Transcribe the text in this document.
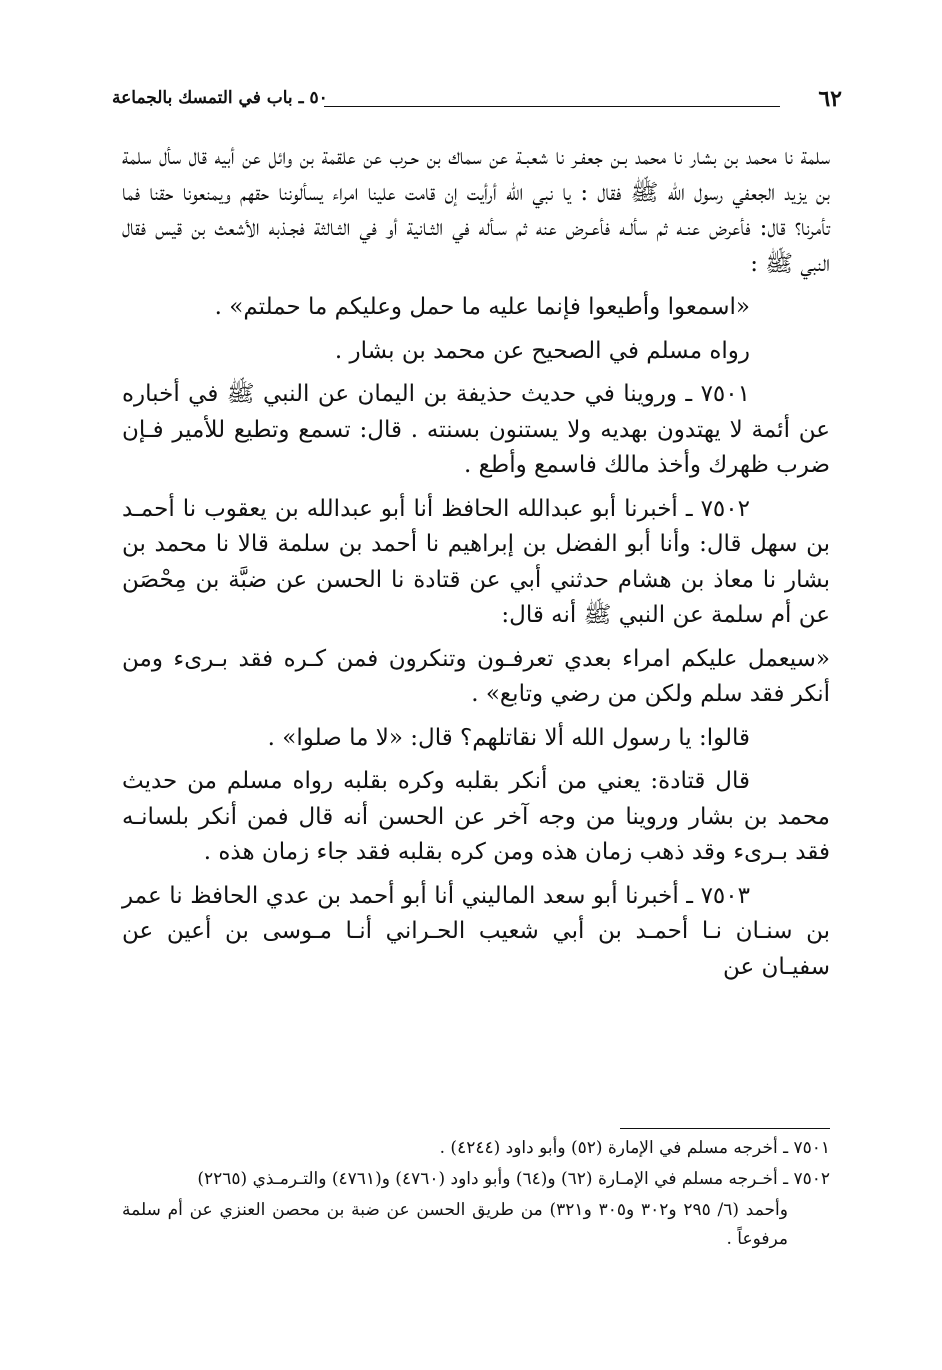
٦٢
٥٠ ـ باب في التمسك بالجماعة

سلمة نا محمد بن بشار نا محمد بـن جعفـر نا شعبـة عن سماك بن حـرب عن علقمة بن وائل عن أبيه قال سأل سلمة بن يزيد الجعفي رسول الله ﷺ فقال : يا نبي الله أرأيت إن قامت علينا امراء يسألوننا حقهم ويمنعونا حقنا فما تأمرنا؟ قال: فأعرض عنـه ثم سألـه فأعـرض عنه ثم سـأله في الثـانية أو في الثـالثة فجـذبه الأشعث بن قيس فقال النبي ﷺ :

«اسمعوا وأطيعوا فإنما عليه ما حمل وعليكم ما حملتم» .

رواه مسلم في الصحيح عن محمد بن بشار .

٧٥٠١ ـ وروينا في حديث حذيفة بن اليمان عن النبي ﷺ في أخباره عن أئمة لا يهتدون بهديه ولا يستنون بسنته . قال: تسمع وتطيع للأمير فـإن ضرب ظهرك وأخذ مالك فاسمع وأطع .

٧٥٠٢ ـ أخبرنا أبو عبدالله الحافظ أنا أبو عبدالله بن يعقوب نا أحمـد بن سهل قال: وأنا أبو الفضل بن إبراهيم نا أحمد بن سلمة قالا نا محمد بن بشار نا معاذ بن هشام حدثني أبي عن قتادة نا الحسن عن ضبَّة بن مِحْصَن عن أم سلمة عن النبي ﷺ أنه قال:

«سيعمل عليكم امراء بعدي تعرفـون وتنكرون فمن كـره فقد بـرىء ومن أنكر فقد سلم ولكن من رضي وتابع» .

قالوا: يا رسول الله ألا نقاتلهم؟ قال: «لا ما صلوا» .

قال قتادة: يعني من أنكر بقلبه وكره بقلبه رواه مسلم من حديث محمد بن بشار وروينا من وجه آخر عن الحسن أنه قال فمن أنكر بلسانـه فقد بـرىء وقد ذهب زمان هذه ومن كره بقلبه فقد جاء زمان هذه .

٧٥٠٣ ـ أخبرنا أبو سعد الماليني أنا أبو أحمد بن عدي الحافظ نا عمر بن سنـان نـا أحمـد بن أبي شعيب الحـراني أنـا مـوسى بن أعين عن سفيـان عن

٧٥٠١ ـ أخرجه مسلم في الإمارة (٥٢) وأبو داود (٤٢٤٤) .

٧٥٠٢ ـ أخـرجه مسلم في الإمـارة (٦٢) و(٦٤) وأبو داود (٤٧٦٠) و(٤٧٦١) والتـرمـذي (٢٢٦٥)

وأحمد (٦/ ٢٩٥ و٣٠٢ و٣٠٥ و٣٢١) من طريق الحسن عن ضبة بن محصن العنزي عن أم سلمة مرفوعاً .
